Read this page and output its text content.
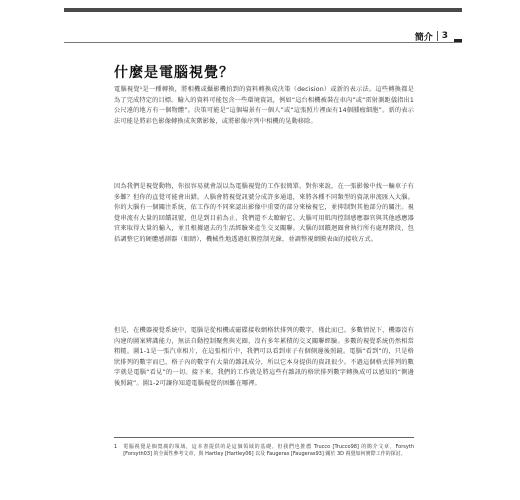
簡介 3
什麼是電腦視覺？
電腦視覺¹是一種轉換，將相機或攝影機拍到的資料轉換成決策（decision）或新的表示法。這些轉換都是為了完成特定的目標。輸入的資料可能包含一些環境資訊，例如“這台相機被裝在車內”或“雷射測距儀指出1公尺遠的地方有一個物體”。決策可能是“這個場景有一個人”或“這張照片裡面有14個腫瘤細胞”。新的表示法可能是將彩色影像轉換成灰階影像，或將影像序列中相機的晃動移除。
因為我們是視覺動物，你很容易就會誤以為電腦視覺的工作很簡單。對你來說，在一張影像中找一輛車子有多難？但你的直覺可能會出錯。人腦會將視覺訊號分成許多通道，來將各種不同類型的資訊串流匯入大腦。你的大腦有一個關注系統，依工作的不同來認出影像中重要的部分來檢視它，並抑制對其他部分的關注。視覺串流有大量的回饋訊號，但是到目前為止，我們還不太瞭解它。大腦可用肌肉控制感應器官與其他感應器官來取得大量的輸入，並且根據過去的生活經驗來產生交叉關聯。大腦的回饋迴圈會執行所有處理階段，包括調整它的硬體感測器（眼睛），機械性地透過虹膜控制光線，並調整視網膜表面的接收方式。
但是，在機器視覺系統中，電腦是從相機或磁碟接收網格狀排列的數字，僅此而已。多數情況下，機器沒有內建的圖案辨識能力，無法自動控制聚焦與光圈，沒有多年累積的交叉關聯經驗。多數的視覺系統仍然相當粗糙。圖1-1是一張汽車相片，在這張相片中，我們可以看到車子有個側邊後照鏡。電腦“看到”的，只是格狀排列的數字而已，格子內的數字有大量的雜訊成分，所以它本身提供的資訊很少。不過這個格式排列的數字就是電腦“看見”的一切。接下來，我們的工作就是將這些有雜訊的格狀排列數字轉換成可以感知的“側邊後照鏡”。圖1-2可讓你知道電腦視覺的困難在哪裡。
1 電腦視覺是個寬廣的領域，這本書提供的是這個領域的基礎。但我們也推薦 Trucco [Trucco98] 的簡介文章，Forsyth [Forsyth03] 的全面性參考文章，與 Hartley [Hartley06] 以及 Faugeras [Faugeras93] 關於 3D 視覺如何實際工作的探討。
